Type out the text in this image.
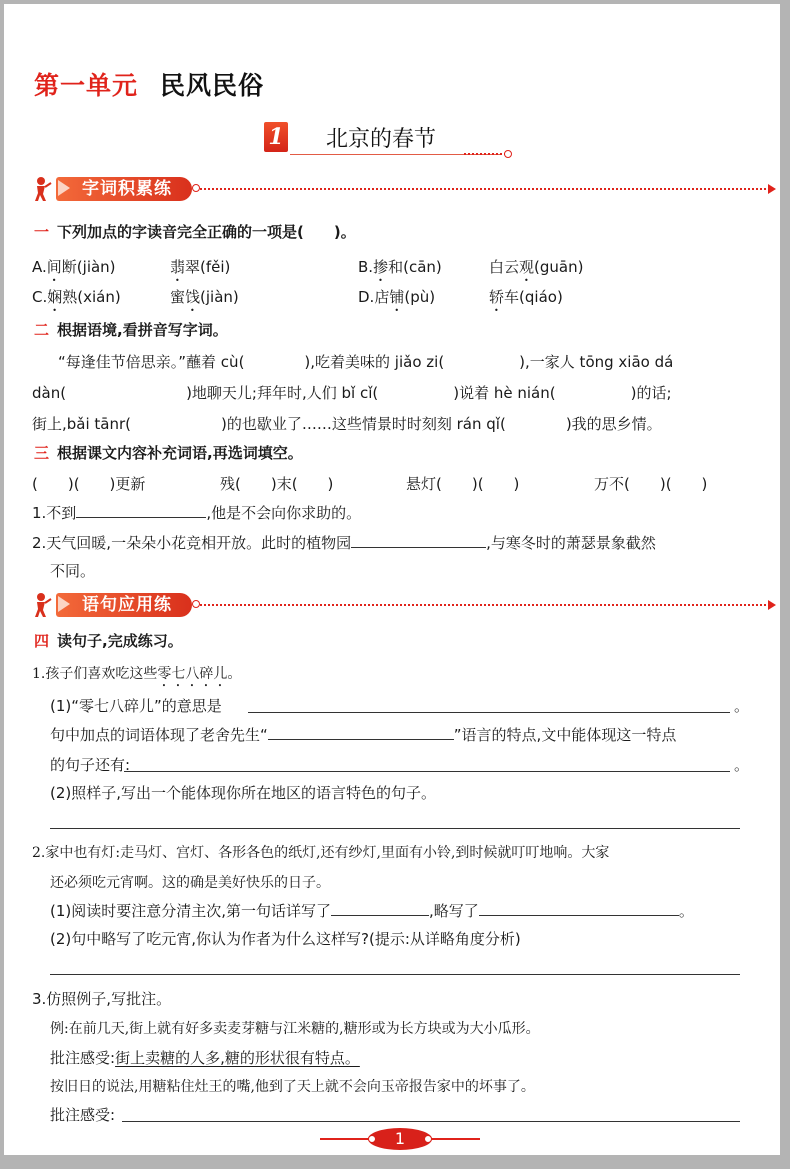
第一单元 民风民俗
1 北京的春节
字词积累练
一 下列加点的字读音完全正确的一项是(　　)。
A.间断(jiàn)	翡翠(fěi)	B.掺和(cān)	白云观(guān)
C.娴熟(xián)	蜜饯(jiàn)	D.店铺(pù)	轿车(qiáo)
二 根据语境,看拼音写字词。
“每逢佳节倍思亲。”蘸着 cù(　　　　),吃着美味的 jiǎo zi(　　　　　),一家人 tōng xiāo dá
dàn(　　　　　　　　)地聊天儿;拜年时,人们 bǐ cǐ(　　　　　)说着 hè nián(　　　　　)的话;
街上,bǎi tānr(　　　　　　)的也歇业了……这些情景时时刻刻 rán qǐ(　　　　)我的思乡情。
三 根据课文内容补充词语,再选词填空。
(　　)(　　)更新	残(　　)末(　　)	悬灯(　　)(　　)	万不(　　)(　　)
1.不到	,他是不会向你求助的。
2.天气回暖,一朵朵小花竞相开放。此时的植物园	,与寒冬时的萧瑟景象截然
不同。
语句应用练
四 读句子,完成练习。
1.孩子们喜欢吃这些零七八碎儿。
(1)“零七八碎儿”的意思是	。
句中加点的词语体现了老舍先生“	”语言的特点,文中能体现这一特点
的句子还有:	。
(2)照样子,写出一个能体现你所在地区的语言特色的句子。
2.家中也有灯:走马灯、宫灯、各形各色的纸灯,还有纱灯,里面有小铃,到时候就叮叮地响。大家
还必须吃元宵啊。这的确是美好快乐的日子。
(1)阅读时要注意分清主次,第一句话详写了	,略写了	。
(2)句中略写了吃元宵,你认为作者为什么这样写?(提示:从详略角度分析)
3.仿照例子,写批注。
例:在前几天,街上就有好多卖麦芽糖与江米糖的,糖形或为长方块或为大小瓜形。
批注感受:街上卖糖的人多,糖的形状很有特点。
按旧日的说法,用糖粘住灶王的嘴,他到了天上就不会向玉帝报告家中的坏事了。
批注感受:
1
